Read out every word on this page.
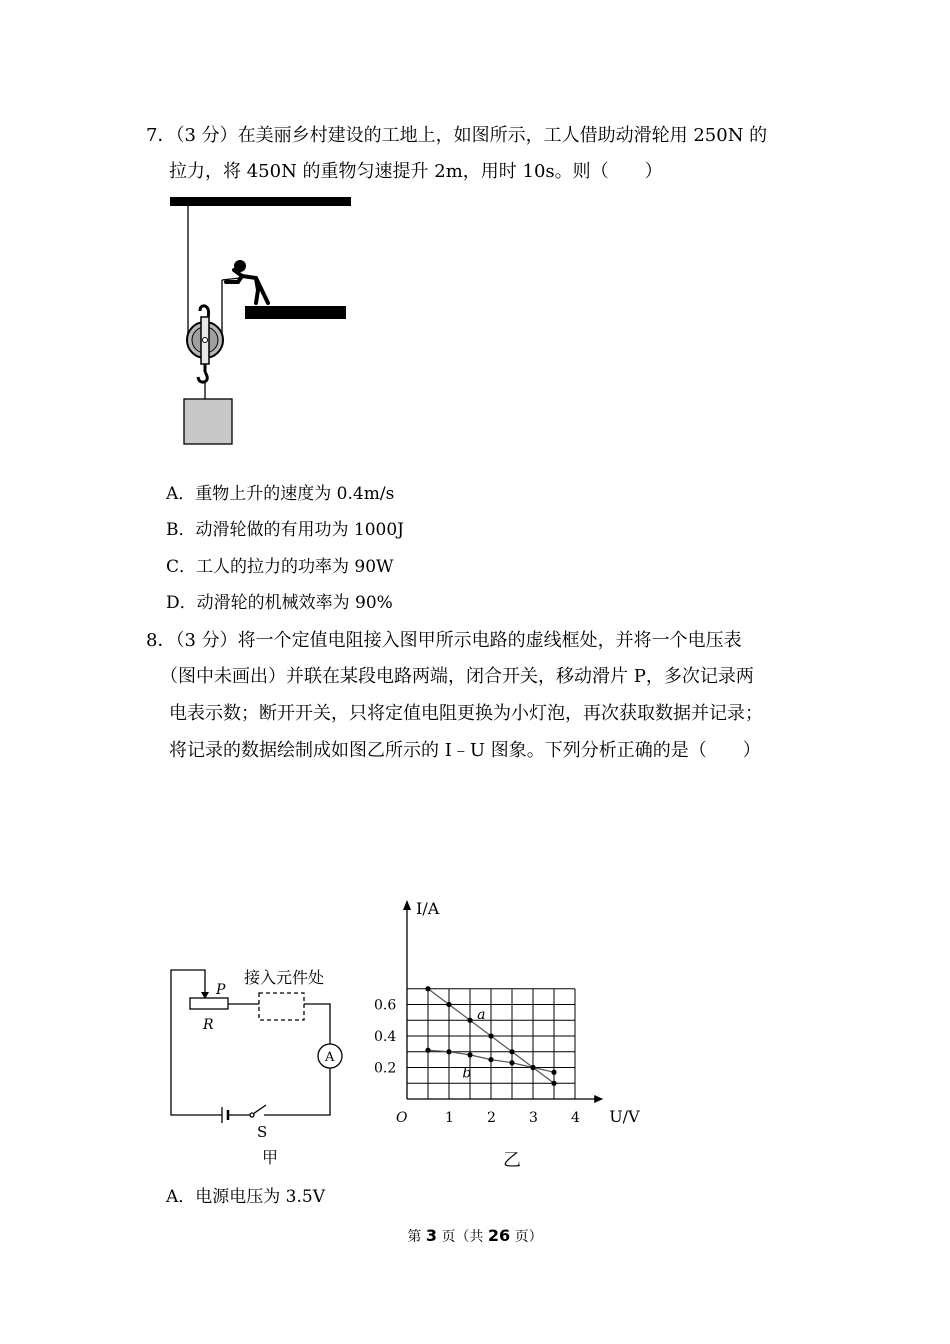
7．（3 分）在美丽乡村建设的工地上，如图所示，工人借助动滑轮用 250N 的
拉力，将 450N 的重物匀速提升 2m，用时 10s。则（　　）
A．重物上升的速度为 0.4m/s
B．动滑轮做的有用功为 1000J
C．工人的拉力的功率为 90W
D．动滑轮的机械效率为 90%
8．（3 分）将一个定值电阻接入图甲所示电路的虚线框处，并将一个电压表
（图中未画出）并联在某段电路两端，闭合开关，移动滑片 P，多次记录两
电表示数；断开开关，只将定值电阻更换为小灯泡，再次获取数据并记录；
将记录的数据绘制成如图乙所示的 I﹣U 图象。下列分析正确的是（　　）
P
R
接入元件处
A
S
甲
1 2 3 4
0.2
0.4
0.6
O
I/A
U/V
a
b
乙
A．电源电压为 3.5V
第 3 页（共 26 页）
